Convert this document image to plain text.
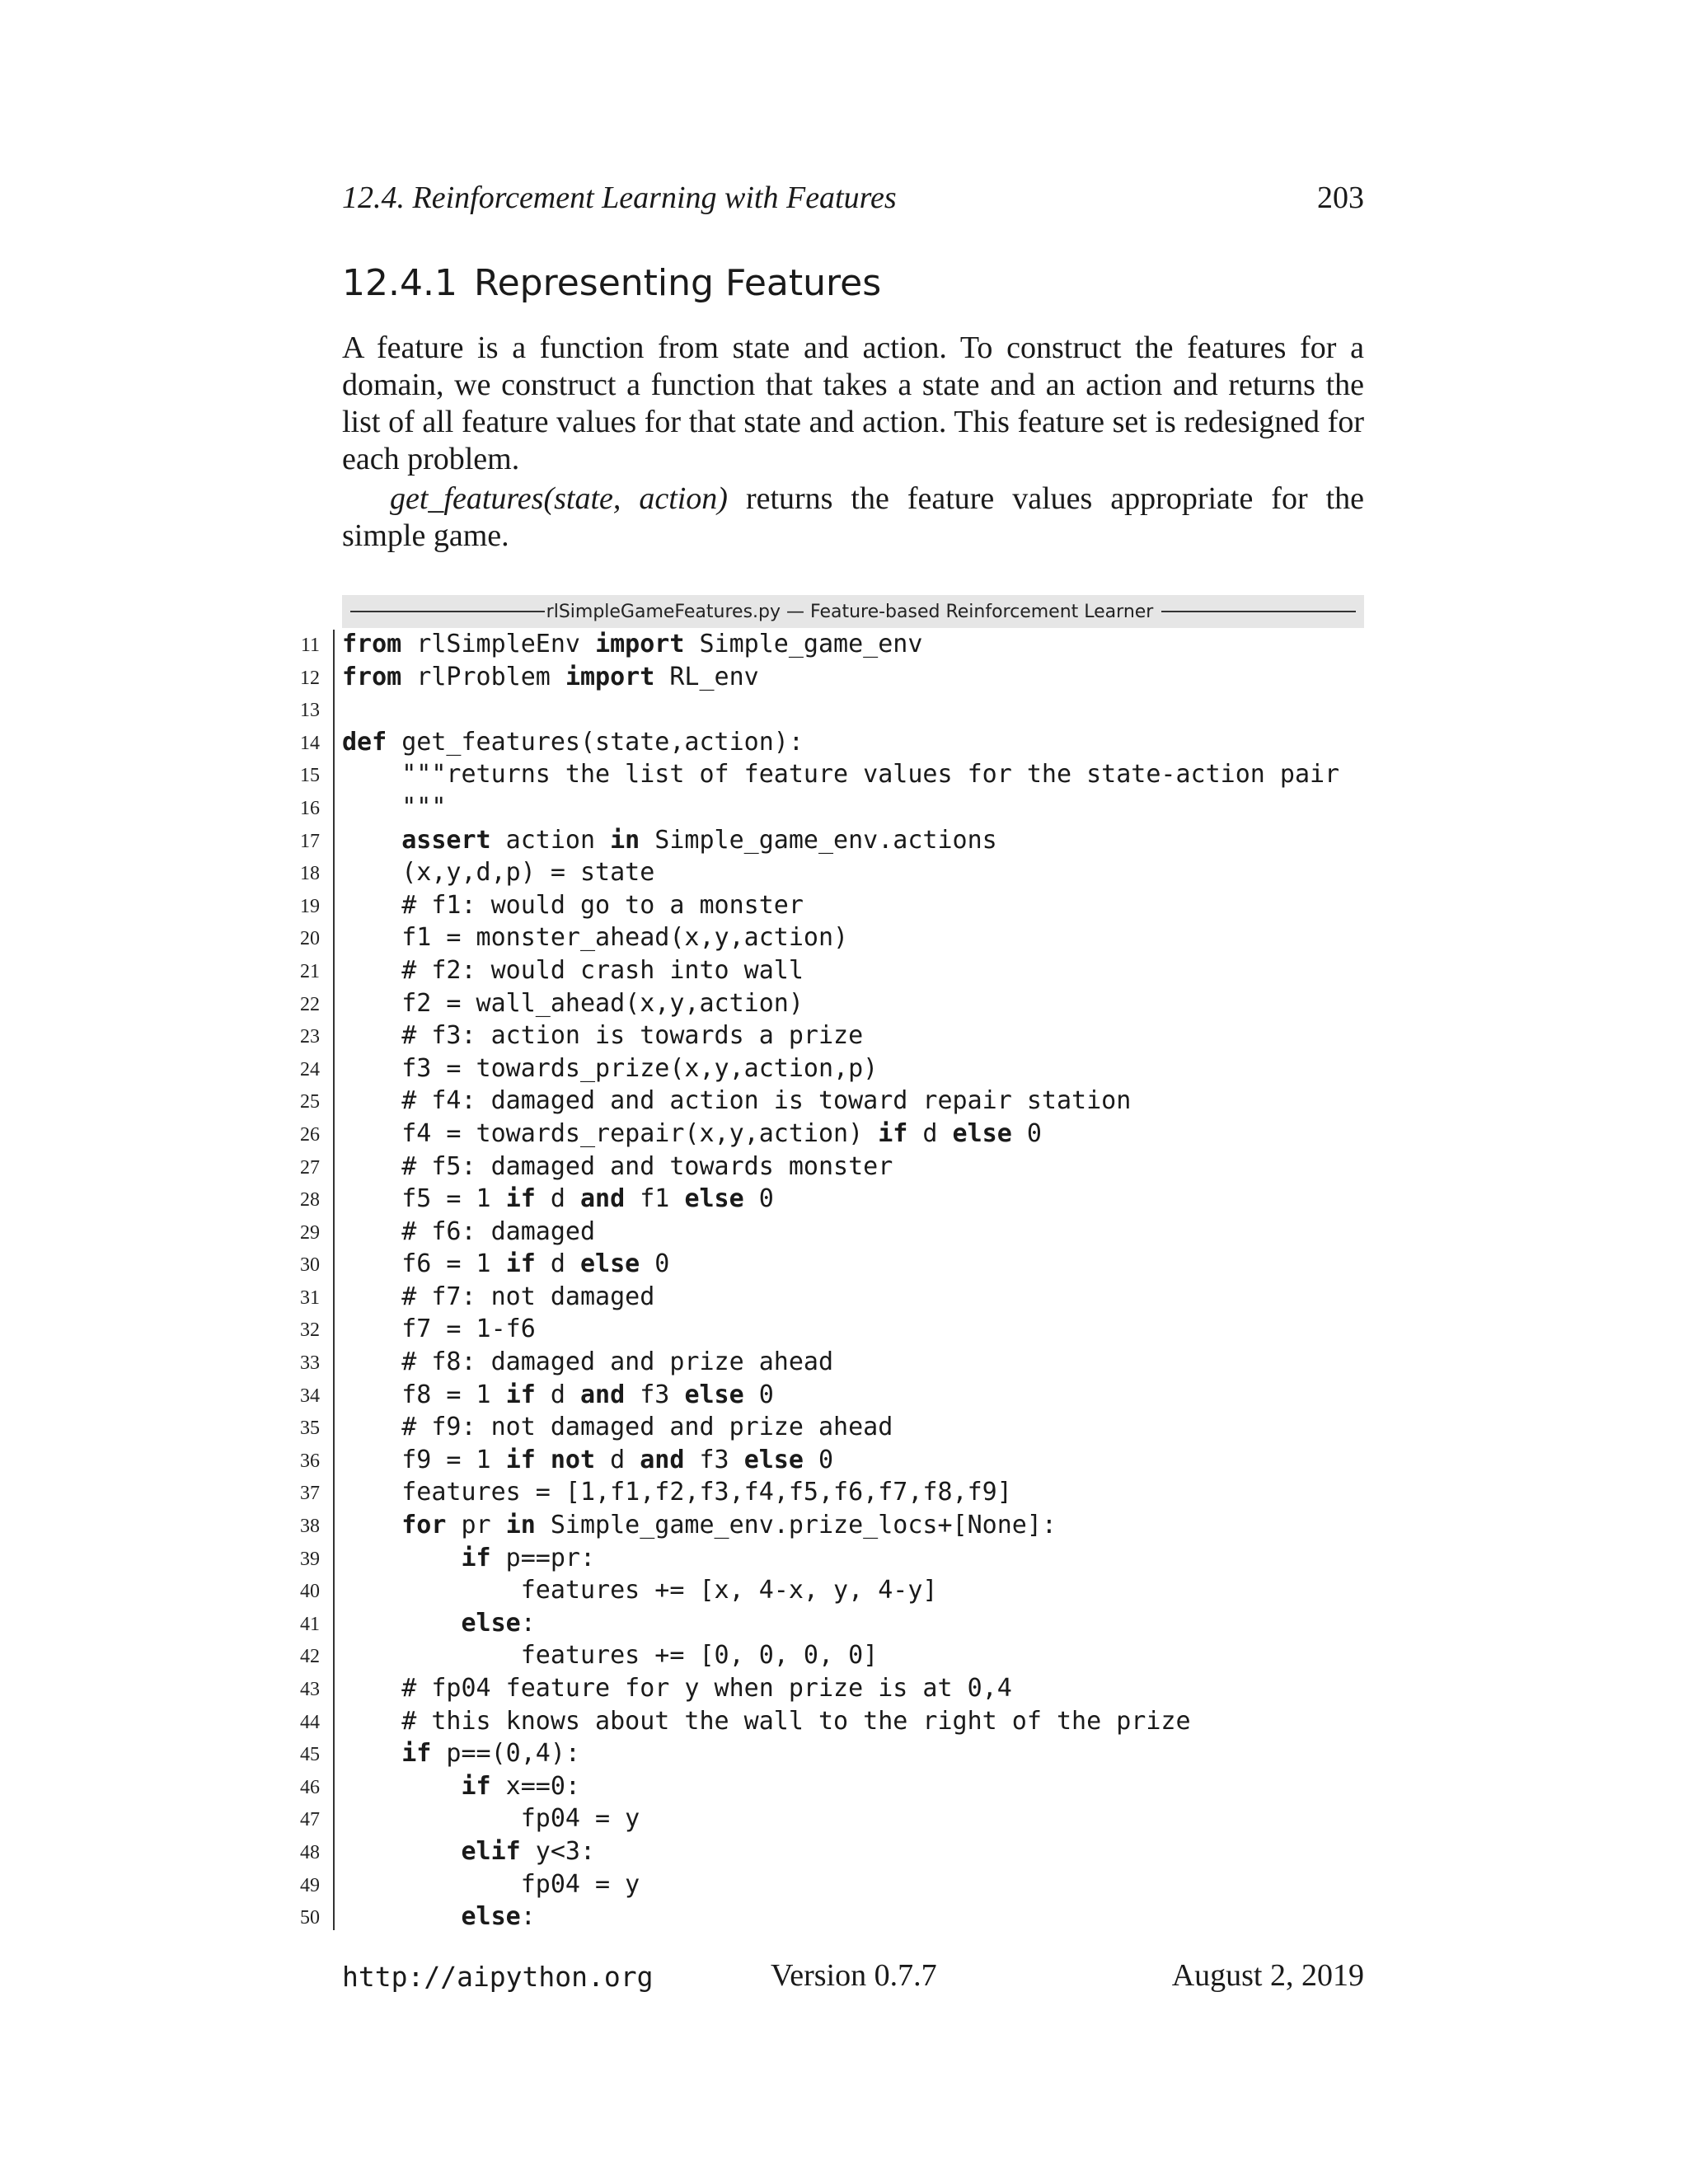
12.4. Reinforcement Learning with Features	203
12.4.1 Representing Features

A feature is a function from state and action. To construct the features for a domain, we construct a function that takes a state and an action and returns the list of all feature values for that state and action. This feature set is redesigned for each problem.

get_features(state, action) returns the feature values appropriate for the simple game.

rlSimpleGameFeatures.py — Feature-based Reinforcement Learner
11 from rlSimpleEnv import Simple_game_env
12 from rlProblem import RL_env
13
14 def get_features(state,action):
15 """returns the list of feature values for the state-action pair
16 """
17	assert action in Simple_game_env.actions
18 (x,y,d,p) = state
19 # f1: would go to a monster
20 f1 = monster_ahead(x,y,action)
21 # f2: would crash into wall
22 f2 = wall_ahead(x,y,action)
23 # f3: action is towards a prize
24 f3 = towards_prize(x,y,action,p)
25 # f4: damaged and action is toward repair station
26 f4 = towards_repair(x,y,action) if d else 0
27 # f5: damaged and towards monster
28 f5 = 1 if d and f1 else 0
29 # f6: damaged
30 f6 = 1 if d else 0
31 # f7: not damaged
32 f7 = 1-f6
33 # f8: damaged and prize ahead
34 f8 = 1 if d and f3 else 0
35 # f9: not damaged and prize ahead
36 f9 = 1 if not d and f3 else 0
37 features = [1,f1,f2,f3,f4,f5,f6,f7,f8,f9]
38	for pr in Simple_game_env.prize_locs+[None]:
39	if p==pr:
40 features += [x, 4-x, y, 4-y]
41	else:
42 features += [0, 0, 0, 0]
43 # fp04 feature for y when prize is at 0,4
44 # this knows about the wall to the right of the prize
45	if p==(0,4):
46	if x==0:
47 fp04 = y
48	elif y<3:
49 fp04 = y
50	else:
http://aipython.org	Version 0.7.7	August 2, 2019
